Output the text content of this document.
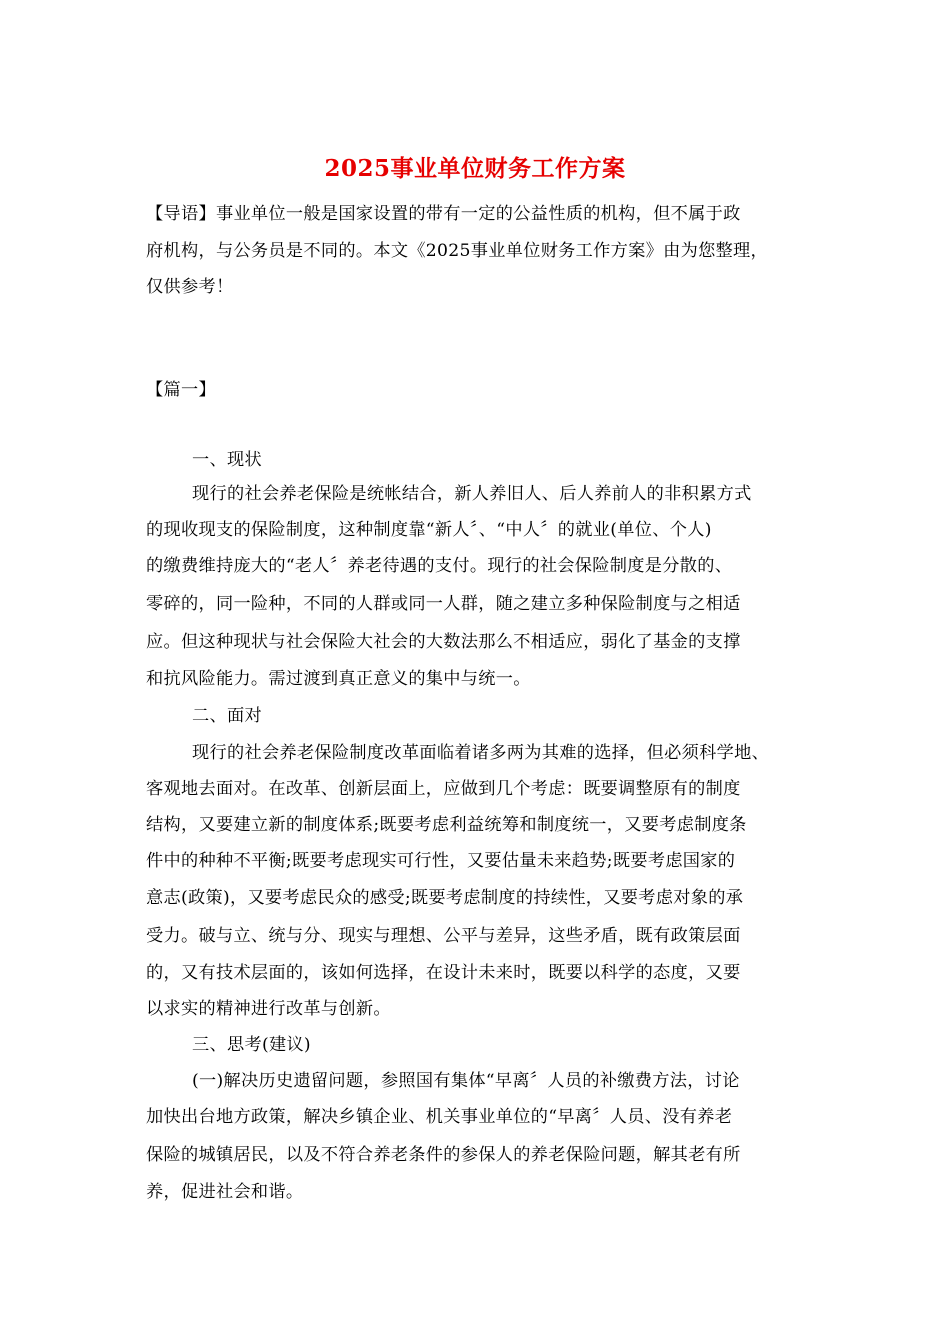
2025事业单位财务工作方案
【导语】事业单位一般是国家设置的带有一定的公益性质的机构，但不属于政
府机构，与公务员是不同的。本文《2025事业单位财务工作方案》由为您整理，
仅供参考！
【篇一】
一、现状
现行的社会养老保险是统帐结合，新人养旧人、后人养前人的非积累方式
的现收现支的保险制度，这种制度靠“新人〞、“中人〞的就业(单位、个人)
的缴费维持庞大的“老人〞养老待遇的支付。现行的社会保险制度是分散的、
零碎的，同一险种，不同的人群或同一人群，随之建立多种保险制度与之相适
应。但这种现状与社会保险大社会的大数法那么不相适应，弱化了基金的支撑
和抗风险能力。需过渡到真正意义的集中与统一。
二、面对
现行的社会养老保险制度改革面临着诸多两为其难的选择，但必须科学地、
客观地去面对。在改革、创新层面上，应做到几个考虑：既要调整原有的制度
结构，又要建立新的制度体系;既要考虑利益统筹和制度统一，又要考虑制度条
件中的种种不平衡;既要考虑现实可行性，又要估量未来趋势;既要考虑国家的
意志(政策)，又要考虑民众的感受;既要考虑制度的持续性，又要考虑对象的承
受力。破与立、统与分、现实与理想、公平与差异，这些矛盾，既有政策层面
的，又有技术层面的，该如何选择，在设计未来时，既要以科学的态度，又要
以求实的精神进行改革与创新。
三、思考(建议)
(一)解决历史遗留问题，参照国有集体“早离〞人员的补缴费方法，讨论
加快出台地方政策，解决乡镇企业、机关事业单位的“早离〞人员、没有养老
保险的城镇居民，以及不符合养老条件的参保人的养老保险问题，解其老有所
养，促进社会和谐。
